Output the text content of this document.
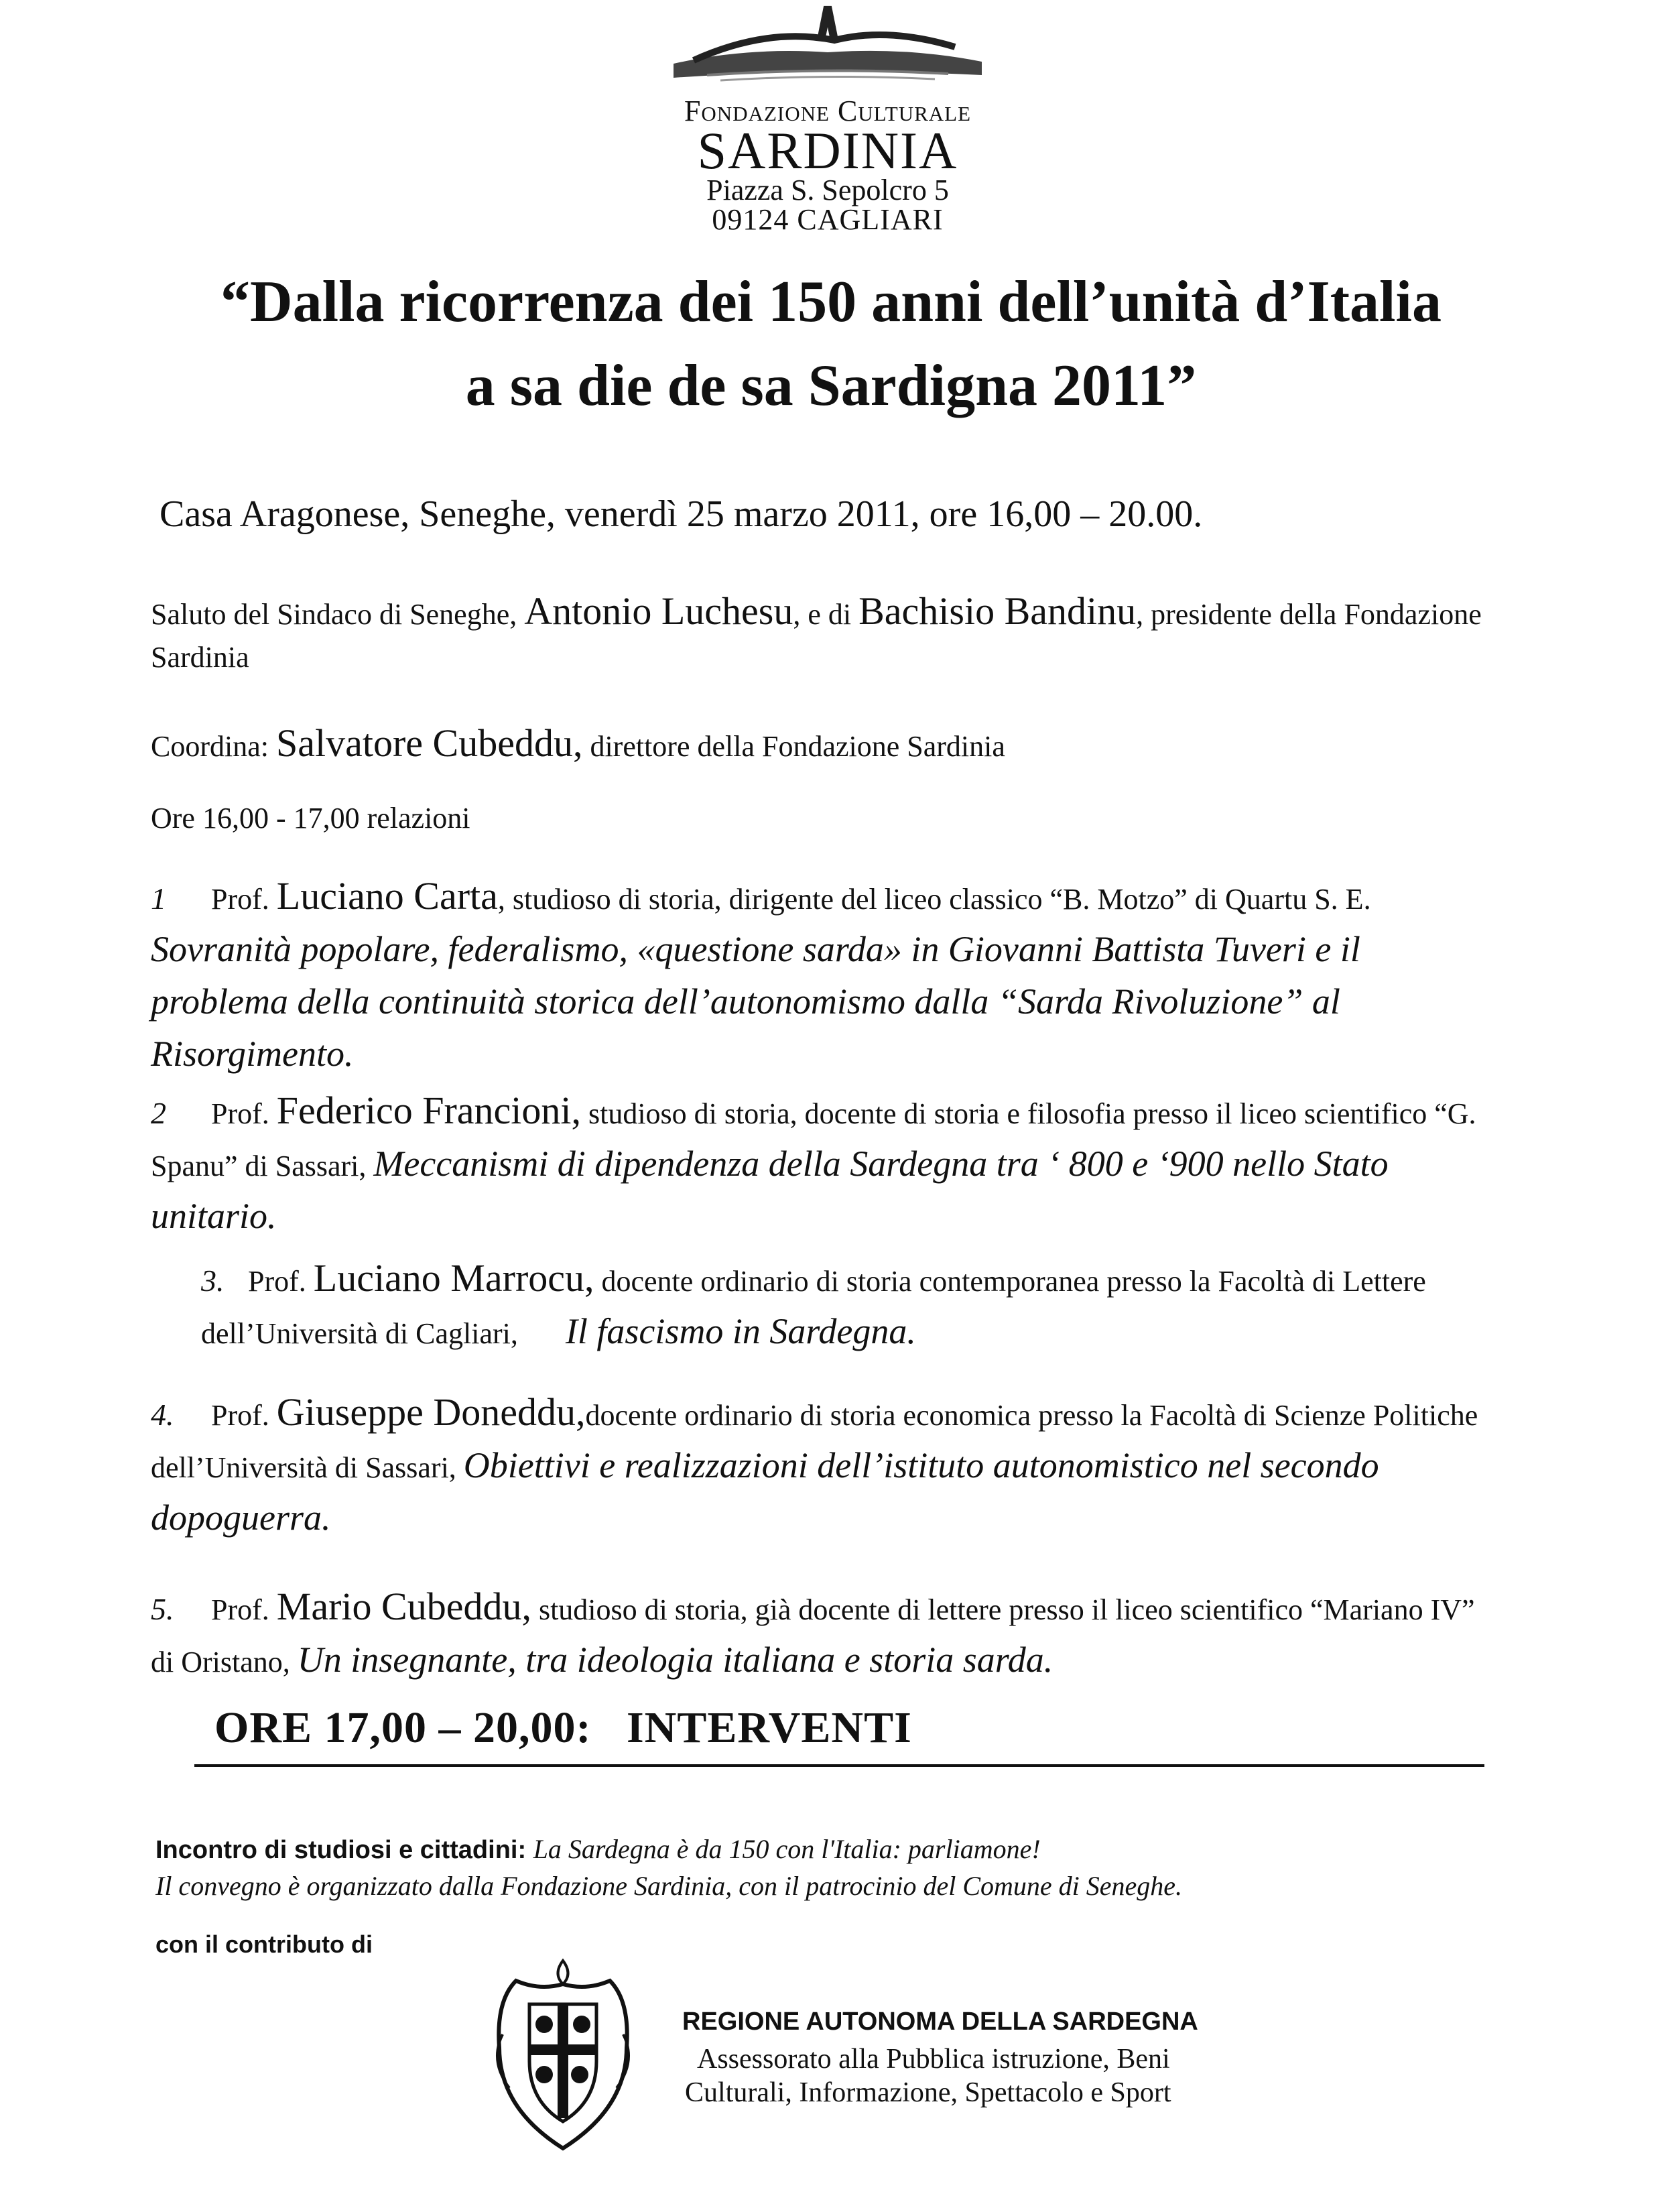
Fondazione Culturale
SARDINIA
Piazza S. Sepolcro 5
09124 CAGLIARI
“Dalla ricorrenza dei 150 anni dell’unità d’Italia
a sa die de sa Sardigna 2011”
Casa Aragonese, Seneghe, venerdì 25 marzo 2011, ore 16,00 – 20.00.
Saluto del Sindaco di Seneghe, Antonio Luchesu, e di Bachisio Bandinu, presidente della Fondazione Sardinia
Coordina: Salvatore Cubeddu, direttore della Fondazione Sardinia
Ore 16,00 - 17,00 relazioni
1 Prof. Luciano Carta, studioso di storia, dirigente del liceo classico “B. Motzo” di Quartu S. E. Sovranità popolare, federalismo, «questione sarda» in Giovanni Battista Tuveri e il problema della continuità storica dell’autonomismo dalla “Sarda Rivoluzione” al Risorgimento.
2 Prof. Federico Francioni, studioso di storia, docente di storia e filosofia presso il liceo scientifico “G. Spanu” di Sassari, Meccanismi di dipendenza della Sardegna tra ‘ 800 e ‘900 nello Stato unitario.
3. Prof. Luciano Marrocu, docente ordinario di storia contemporanea presso la Facoltà di Lettere dell’Università di Cagliari, Il fascismo in Sardegna.
4. Prof. Giuseppe Doneddu,docente ordinario di storia economica presso la Facoltà di Scienze Politiche dell’Università di Sassari, Obiettivi e realizzazioni dell’istituto autonomistico nel secondo dopoguerra.
5. Prof. Mario Cubeddu, studioso di storia, già docente di lettere presso il liceo scientifico “Mariano IV” di Oristano, Un insegnante, tra ideologia italiana e storia sarda.
ORE 17,00 – 20,00:   INTERVENTI
Incontro di studiosi e cittadini: La Sardegna è da 150 con l'Italia: parliamone!
Il convegno è organizzato dalla Fondazione Sardinia, con il patrocinio del Comune di Seneghe.
con il contributo di
REGIONE AUTONOMA DELLA SARDEGNA
Assessorato alla Pubblica istruzione, Beni
Culturali, Informazione, Spettacolo e Sport
